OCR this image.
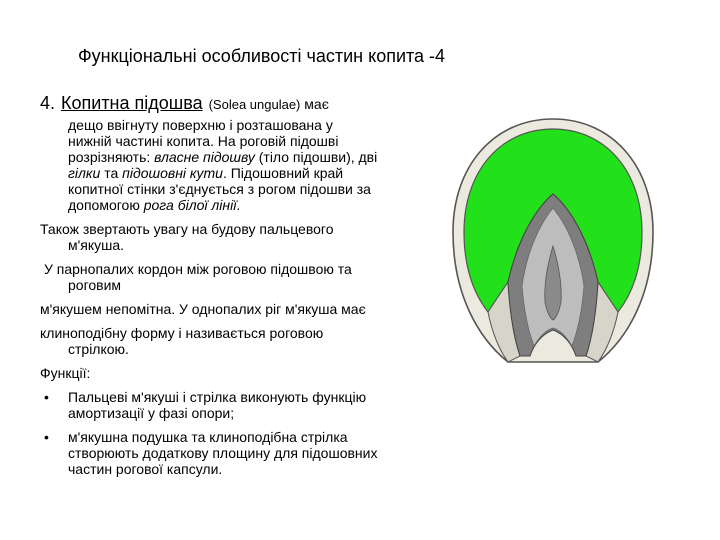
Функціональні особливості частин копита -4
4. Копитна підошва (Solea ungulae) має
дещо ввігнуту поверхню і розташована у
нижній частині копита. На роговій підошві
розрізняють: власне підошву (тіло підошви), дві
гілки та підошовні кути. Підошовний край
копитної стінки з'єднується з рогом підошви за
допомогою рога білої лінії.
Також звертають увагу на будову пальцевого
м'якуша.
У парнопалих кордон між роговою підошвою та
роговим
м'якушем непомітна. У однопалих ріг м'якуша має
клиноподібну форму і називається роговою
стрілкою.
Функції:
• Пальцеві м'якуші і стрілка виконують функцію
амортизації у фазі опори;
• м'якушна подушка та клиноподібна стрілка
створюють додаткову площину для підошовних
частин рогової капсули.
